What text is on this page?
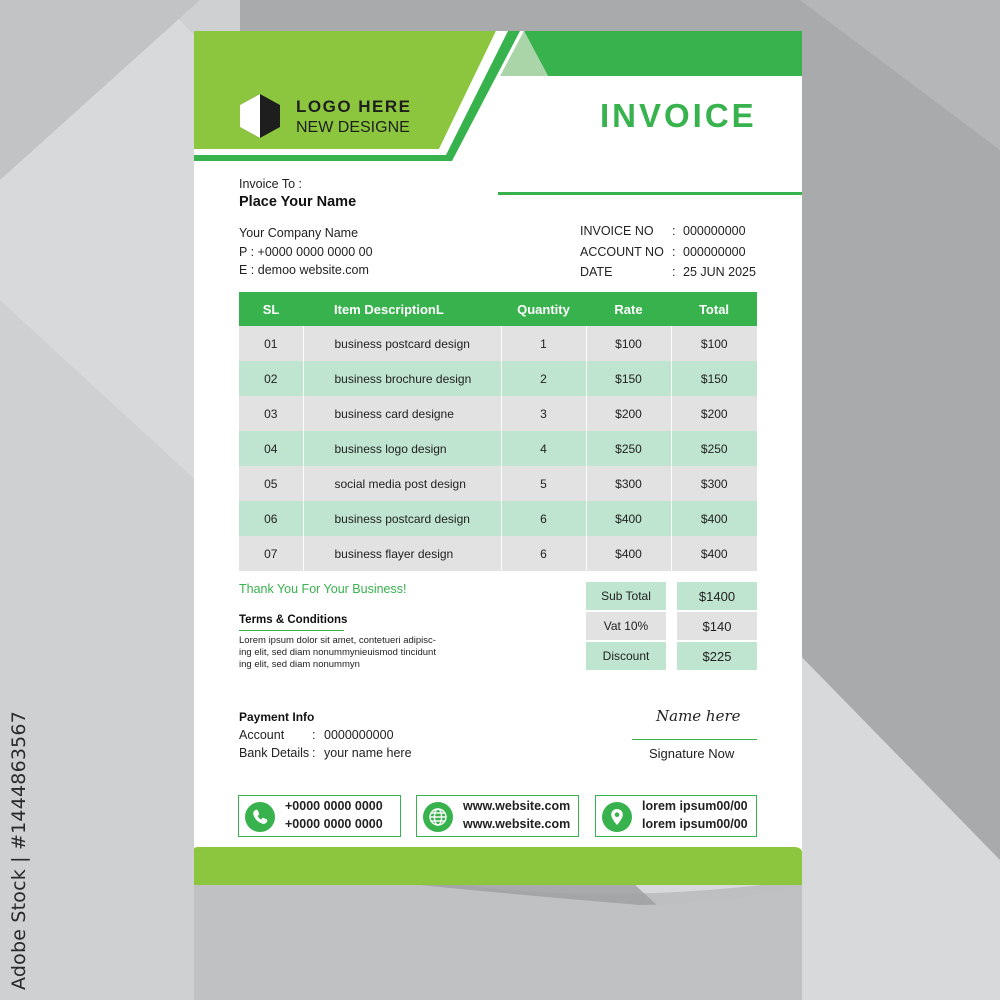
Adobe Stock | #1444863567
LOGO HERE
NEW DESIGNE	INVOICE
Invoice To :
Place Your Name
Your Company Name
P : +0000 0000 0000 00
E : demoo website.com
INVOICE NO : 000000000
ACCOUNT NO : 000000000
DATE	: 25 JUN 2025
SL	Item DescriptionL	Quantity	Rate	Total
01	business postcard design	1	$100	$100
02	business brochure design	2	$150	$150
03	business card designe	3	$200	$200
04	business logo design	4	$250	$250
05	social media post design	5	$300	$300
06	business postcard design	6	$400	$400
07	business flayer design	6	$400	$400
Thank You For Your Business!
Terms & Conditions
Lorem ipsum dolor sit amet, contetueri adipisc-
ing elit, sed diam nonummynieuismod tincidunt
ing elit, sed diam nonummyn
Sub Total	$1400
Vat 10%	$140
Discount	$225
Payment Info
Account : 0000000000
Bank Details : your name here
Name here
Signature Now
+0000 0000 0000
+0000 0000 0000
www.website.com
www.website.com
lorem ipsum00/00
lorem ipsum00/00
